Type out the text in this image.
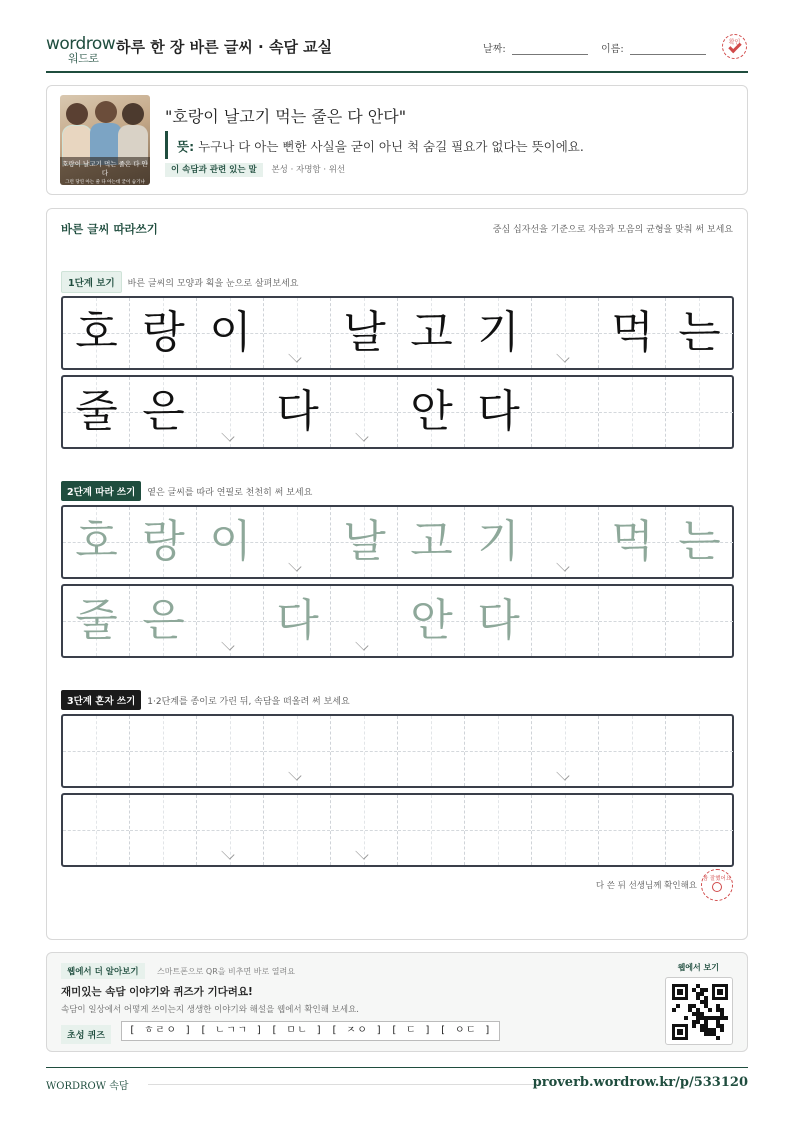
wordrow
워드로
하루 한 장 바른 글씨 · 속담 교실	날짜:	이름:
확인
호랑이 날고기 먹는 줄은 다 안다
그런 당연 아는 줄 다 아는데 굳이 숨기냐
"호랑이 날고기 먹는 줄은 다 안다"
뜻: 누구나 다 아는 뻔한 사실을 굳이 아닌 척 숨길 필요가 없다는 뜻이에요.
이 속담과 관련 있는 말 본성 · 자명함 · 위선
바른 글씨 따라쓰기	중심 십자선을 기준으로 자음과 모음의 균형을 맞춰 써 보세요
1단계 보기 바른 글씨의 모양과 획을 눈으로 살펴보세요
호 랑 이 날 고 기 먹 는
줄 은 다 안 다
2단계 따라 쓰기 옅은 글씨를 따라 연필로 천천히 써 보세요
호 랑 이 날 고 기 먹 는
줄 은 다 안 다
3단계 혼자 쓰기 1·2단계를 종이로 가린 뒤, 속담을 떠올려 써 보세요
다 쓴 뒤 선생님께 확인해요
참 잘했어요
웹에서 더 알아보기	스마트폰으로 QR을 비추면 바로 열려요
재미있는 속담 이야기와 퀴즈가 기다려요!
속담이 일상에서 어떻게 쓰이는지 생생한 이야기와 해설을 웹에서 확인해 보세요.
초성 퀴즈	[ ㅎㄹㅇ ] [ ㄴㄱㄱ ] [ ㅁㄴ ] [ ㅈㅇ ] [ ㄷ ] [ ㅇㄷ ]
웹에서 보기
WORDROW 속담	proverb.wordrow.kr/p/533120
